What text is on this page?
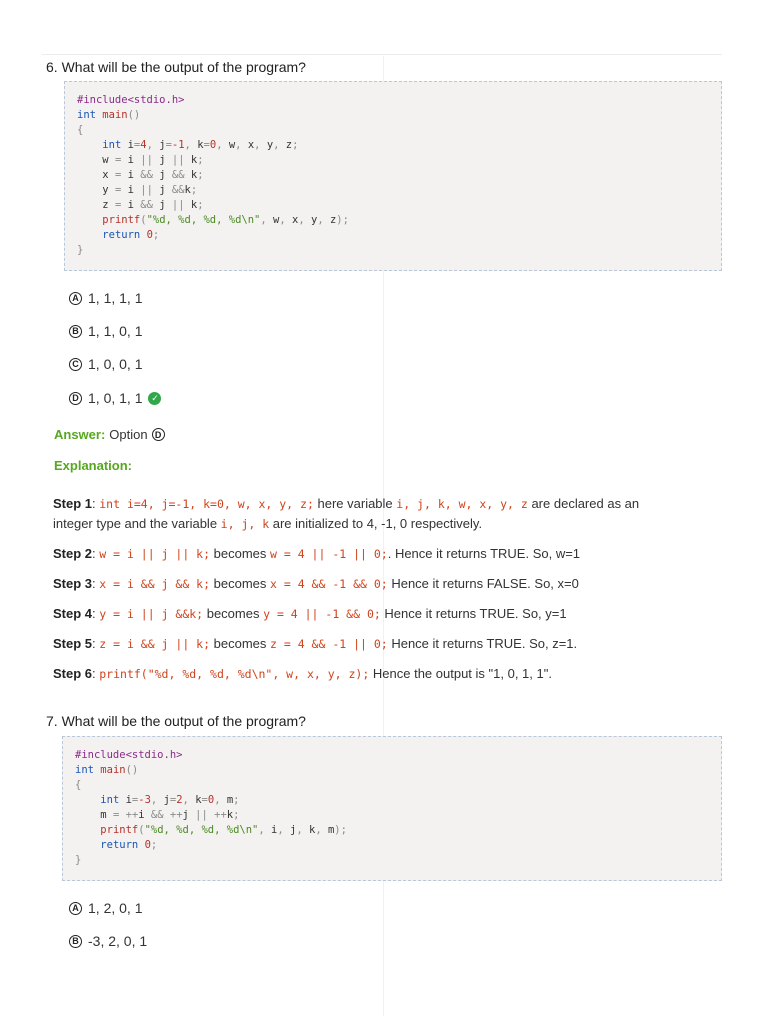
6. What will be the output of the program?
#include<stdio.h>
int main()
{
int i=4, j=-1, k=0, w, x, y, z;
w = i || j || k;
x = i && j && k;
y = i || j &&k;
z = i && j || k;
printf("%d, %d, %d, %d\n", w, x, y, z);
return 0;
}
A 1, 1, 1, 1
B 1, 1, 0, 1
C 1, 0, 0, 1
D 1, 0, 1, 1 ✓
Answer: Option D
Explanation:
Step 1: int i=4, j=-1, k=0, w, x, y, z; here variable i, j, k, w, x, y, z are declared as an
integer type and the variable i, j, k are initialized to 4, -1, 0 respectively.
Step 2: w = i || j || k; becomes w = 4 || -1 || 0;. Hence it returns TRUE. So, w=1
Step 3: x = i && j && k; becomes x = 4 && -1 && 0; Hence it returns FALSE. So, x=0
Step 4: y = i || j &&k; becomes y = 4 || -1 && 0; Hence it returns TRUE. So, y=1
Step 5: z = i && j || k; becomes z = 4 && -1 || 0; Hence it returns TRUE. So, z=1.
Step 6: printf("%d, %d, %d, %d\n", w, x, y, z); Hence the output is "1, 0, 1, 1".
7. What will be the output of the program?
#include<stdio.h>
int main()
{
int i=-3, j=2, k=0, m;
m = ++i && ++j || ++k;
printf("%d, %d, %d, %d\n", i, j, k, m);
return 0;
}
A 1, 2, 0, 1
B -3, 2, 0, 1
